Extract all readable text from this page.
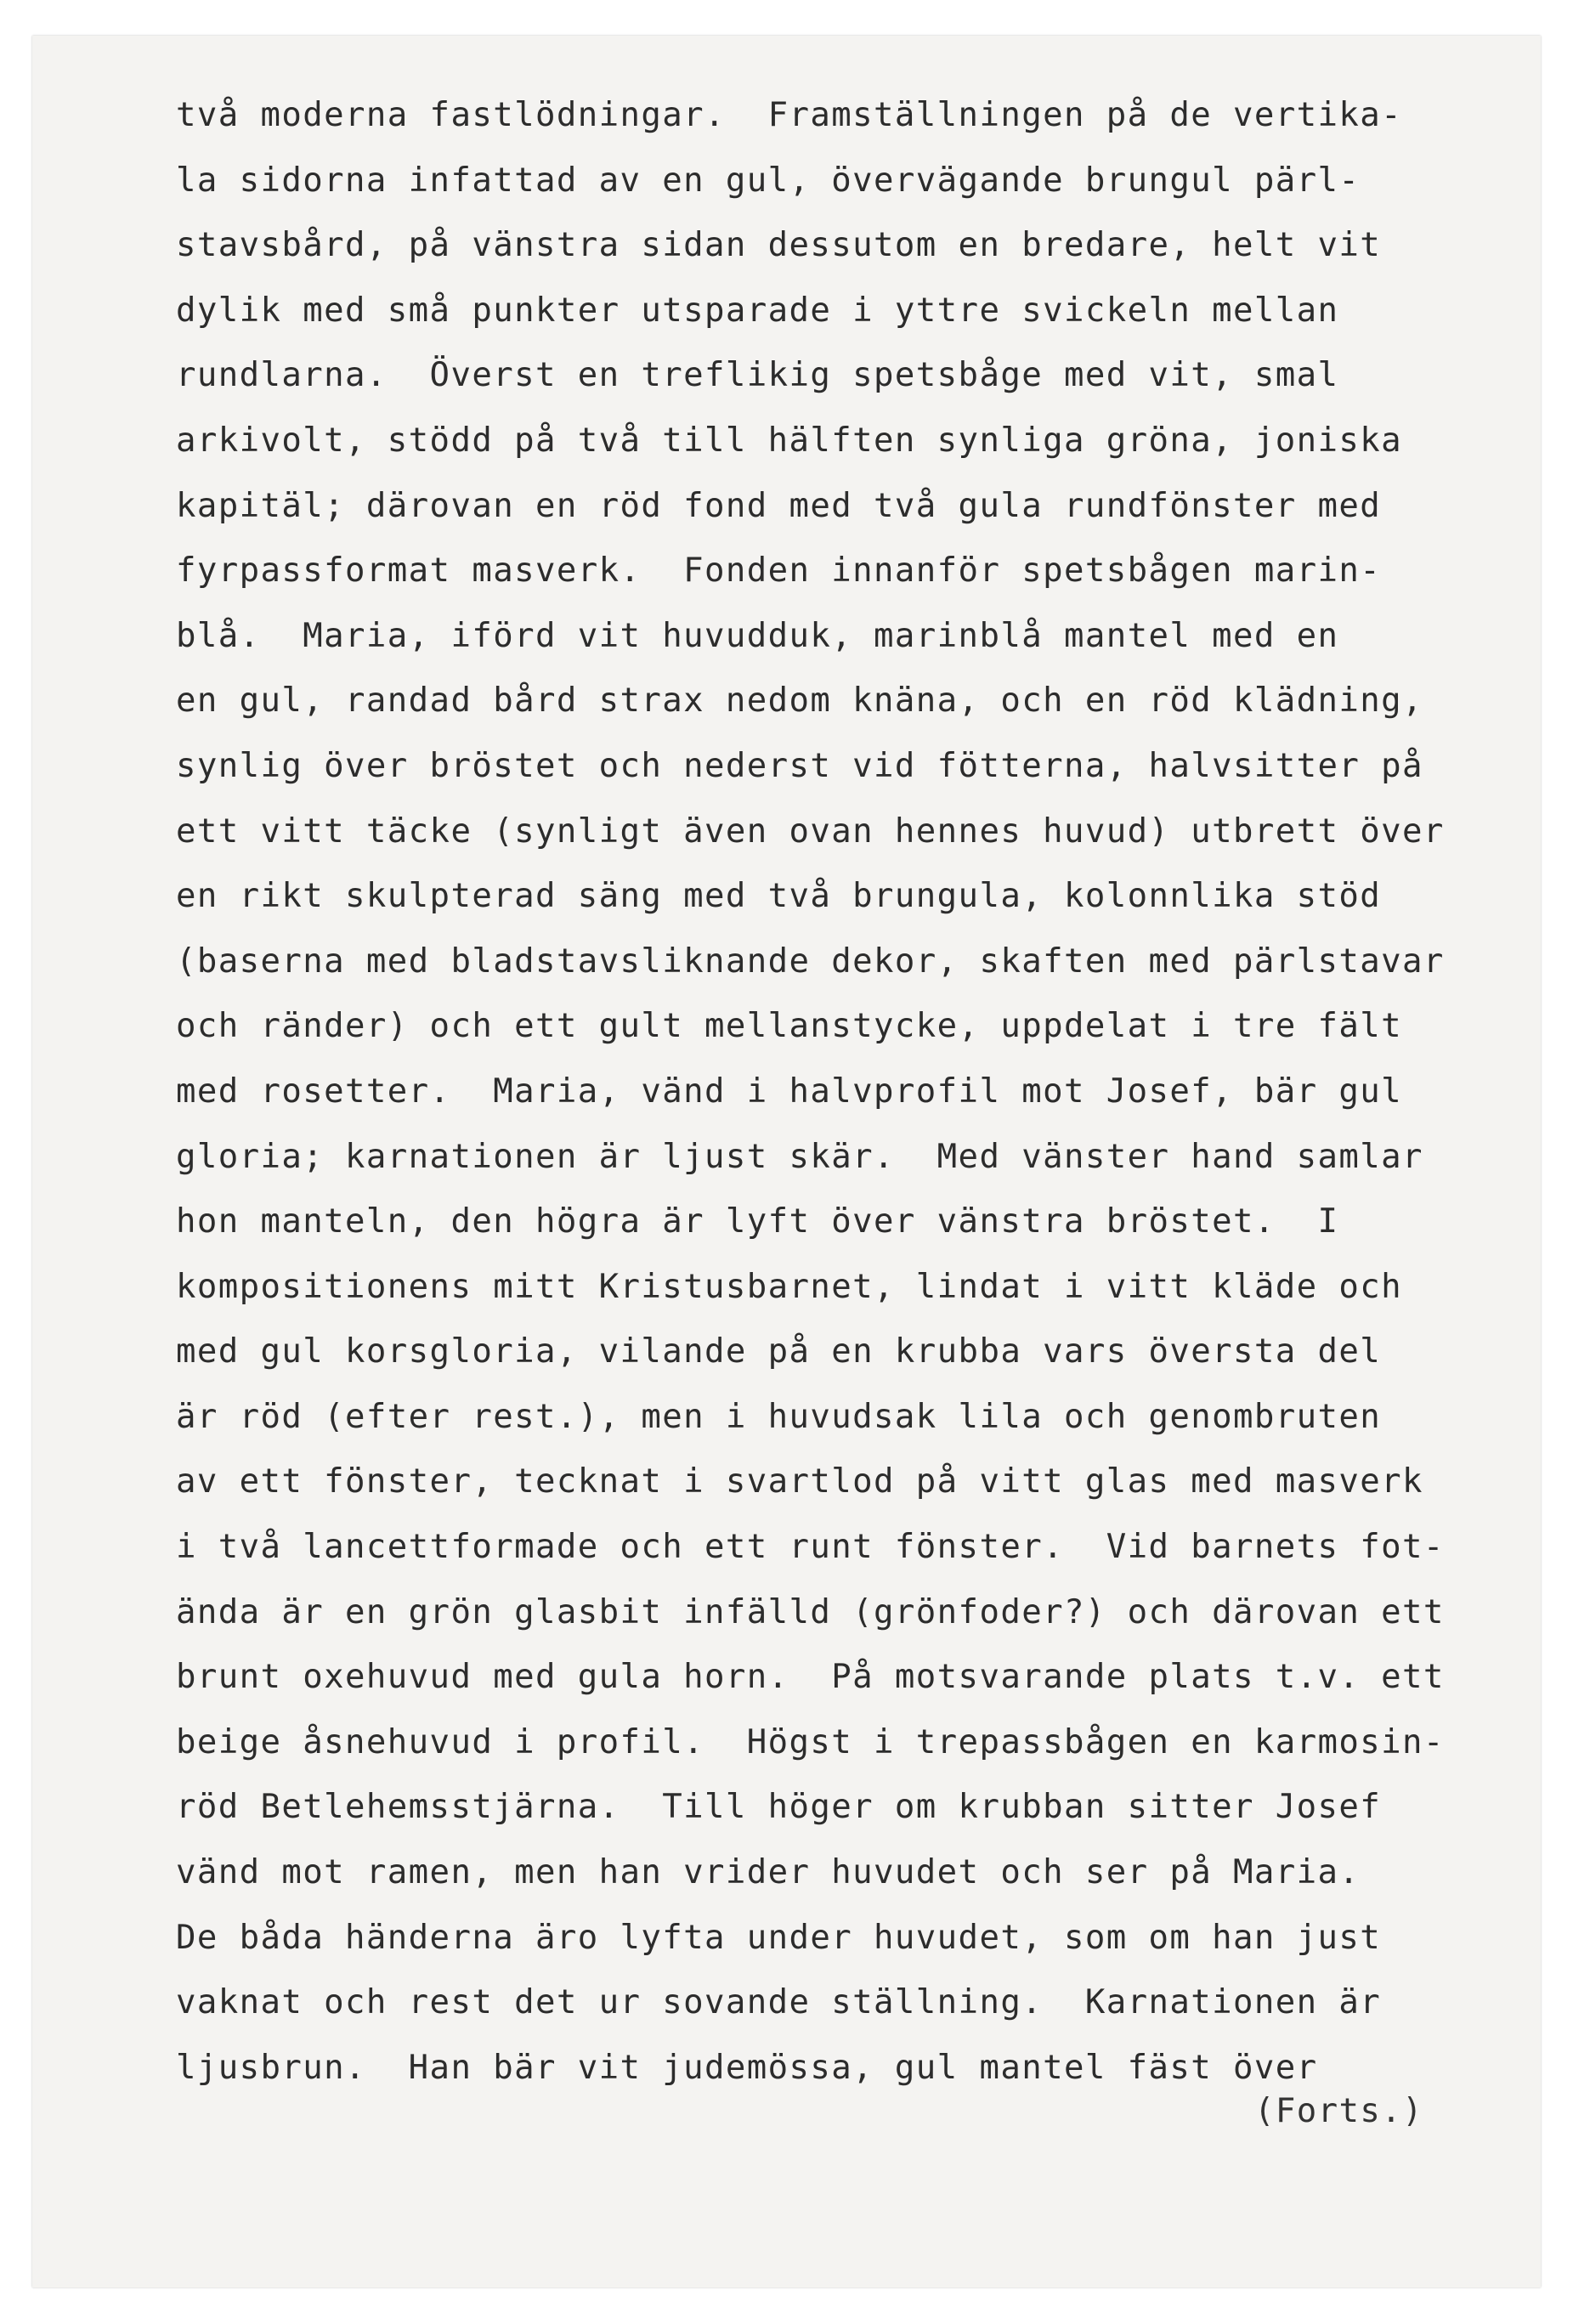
två moderna fastlödningar.  Framställningen på de vertika-
la sidorna infattad av en gul, övervägande brungul pärl-
stavsbård, på vänstra sidan dessutom en bredare, helt vit
dylik med små punkter utsparade i yttre svickeln mellan
rundlarna.  Överst en treflikig spetsbåge med vit, smal
arkivolt, stödd på två till hälften synliga gröna, joniska
kapitäl; därovan en röd fond med två gula rundfönster med
fyrpassformat masverk.  Fonden innanför spetsbågen marin-
blå.  Maria, iförd vit huvudduk, marinblå mantel med en
en gul, randad bård strax nedom knäna, och en röd klädning,
synlig över bröstet och nederst vid fötterna, halvsitter på
ett vitt täcke (synligt även ovan hennes huvud) utbrett över
en rikt skulpterad säng med två brungula, kolonnlika stöd
(baserna med bladstavsliknande dekor, skaften med pärlstavar
och ränder) och ett gult mellanstycke, uppdelat i tre fält
med rosetter.  Maria, vänd i halvprofil mot Josef, bär gul
gloria; karnationen är ljust skär.  Med vänster hand samlar
hon manteln, den högra är lyft över vänstra bröstet.  I
kompositionens mitt Kristusbarnet, lindat i vitt kläde och
med gul korsgloria, vilande på en krubba vars översta del
är röd (efter rest.), men i huvudsak lila och genombruten
av ett fönster, tecknat i svartlod på vitt glas med masverk
i två lancettformade och ett runt fönster.  Vid barnets fot-
ända är en grön glasbit infälld (grönfoder?) och därovan ett
brunt oxehuvud med gula horn.  På motsvarande plats t.v. ett
beige åsnehuvud i profil.  Högst i trepassbågen en karmosin-
röd Betlehemsstjärna.  Till höger om krubban sitter Josef
vänd mot ramen, men han vrider huvudet och ser på Maria.
De båda händerna äro lyfta under huvudet, som om han just
vaknat och rest det ur sovande ställning.  Karnationen är
ljusbrun.  Han bär vit judemössa, gul mantel fäst över
(Forts.)
